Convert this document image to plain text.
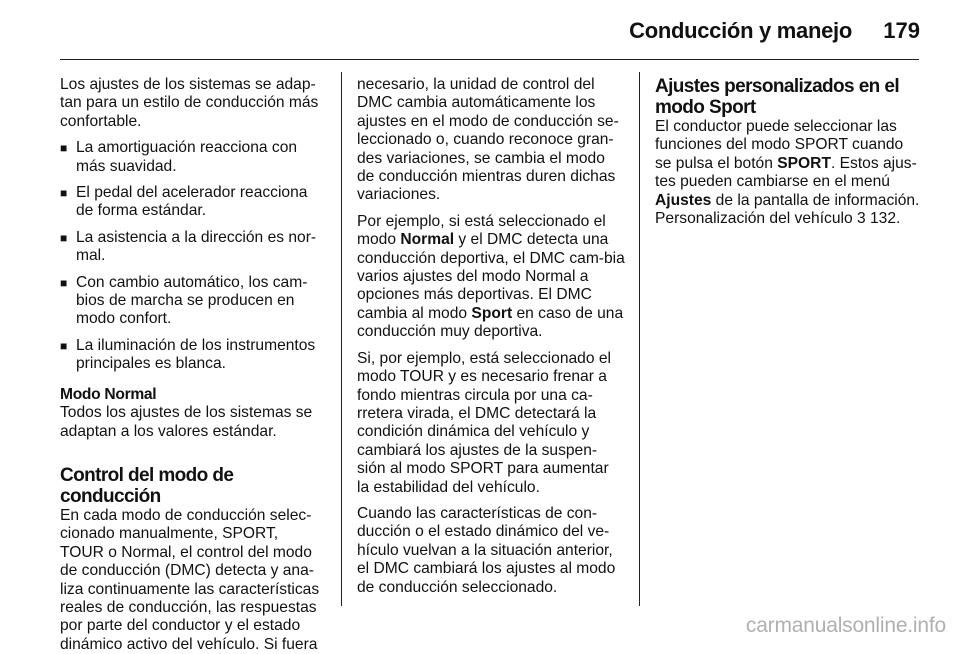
Conducción y manejo 179

Los ajustes de los sistemas se adap-tan para un estilo de conducción más confortable.

■ La amortiguación reacciona con más suavidad.
■ El pedal del acelerador reacciona de forma estándar.
■ La asistencia a la dirección es nor-mal.
■ Con cambio automático, los cam-bios de marcha se producen en modo confort.
■ La iluminación de los instrumentos principales es blanca.

Modo Normal

Todos los ajustes de los sistemas se adaptan a los valores estándar.

Control del modo de conducción

En cada modo de conducción selec-cionado manualmente, SPORT, TOUR o Normal, el control del modo de conducción (DMC) detecta y ana-liza continuamente las características reales de conducción, las respuestas por parte del conductor y el estado dinámico activo del vehículo. Si fuera

necesario, la unidad de control del DMC cambia automáticamente los ajustes en el modo de conducción se-leccionado o, cuando reconoce gran-des variaciones, se cambia el modo de conducción mientras duren dichas variaciones.

Por ejemplo, si está seleccionado el modo Normal y el DMC detecta una conducción deportiva, el DMC cam-bia varios ajustes del modo Normal a opciones más deportivas. El DMC cambia al modo Sport en caso de una conducción muy deportiva.

Si, por ejemplo, está seleccionado el modo TOUR y es necesario frenar a fondo mientras circula por una ca-rretera virada, el DMC detectará la condición dinámica del vehículo y cambiará los ajustes de la suspen-sión al modo SPORT para aumentar la estabilidad del vehículo.

Cuando las características de con-ducción o el estado dinámico del ve-hículo vuelvan a la situación anterior, el DMC cambiará los ajustes al modo de conducción seleccionado.

Ajustes personalizados en el modo Sport

El conductor puede seleccionar las funciones del modo SPORT cuando se pulsa el botón SPORT. Estos ajus-tes pueden cambiarse en el menú Ajustes de la pantalla de información. Personalización del vehículo 3 132.

carmanualsonline.info
